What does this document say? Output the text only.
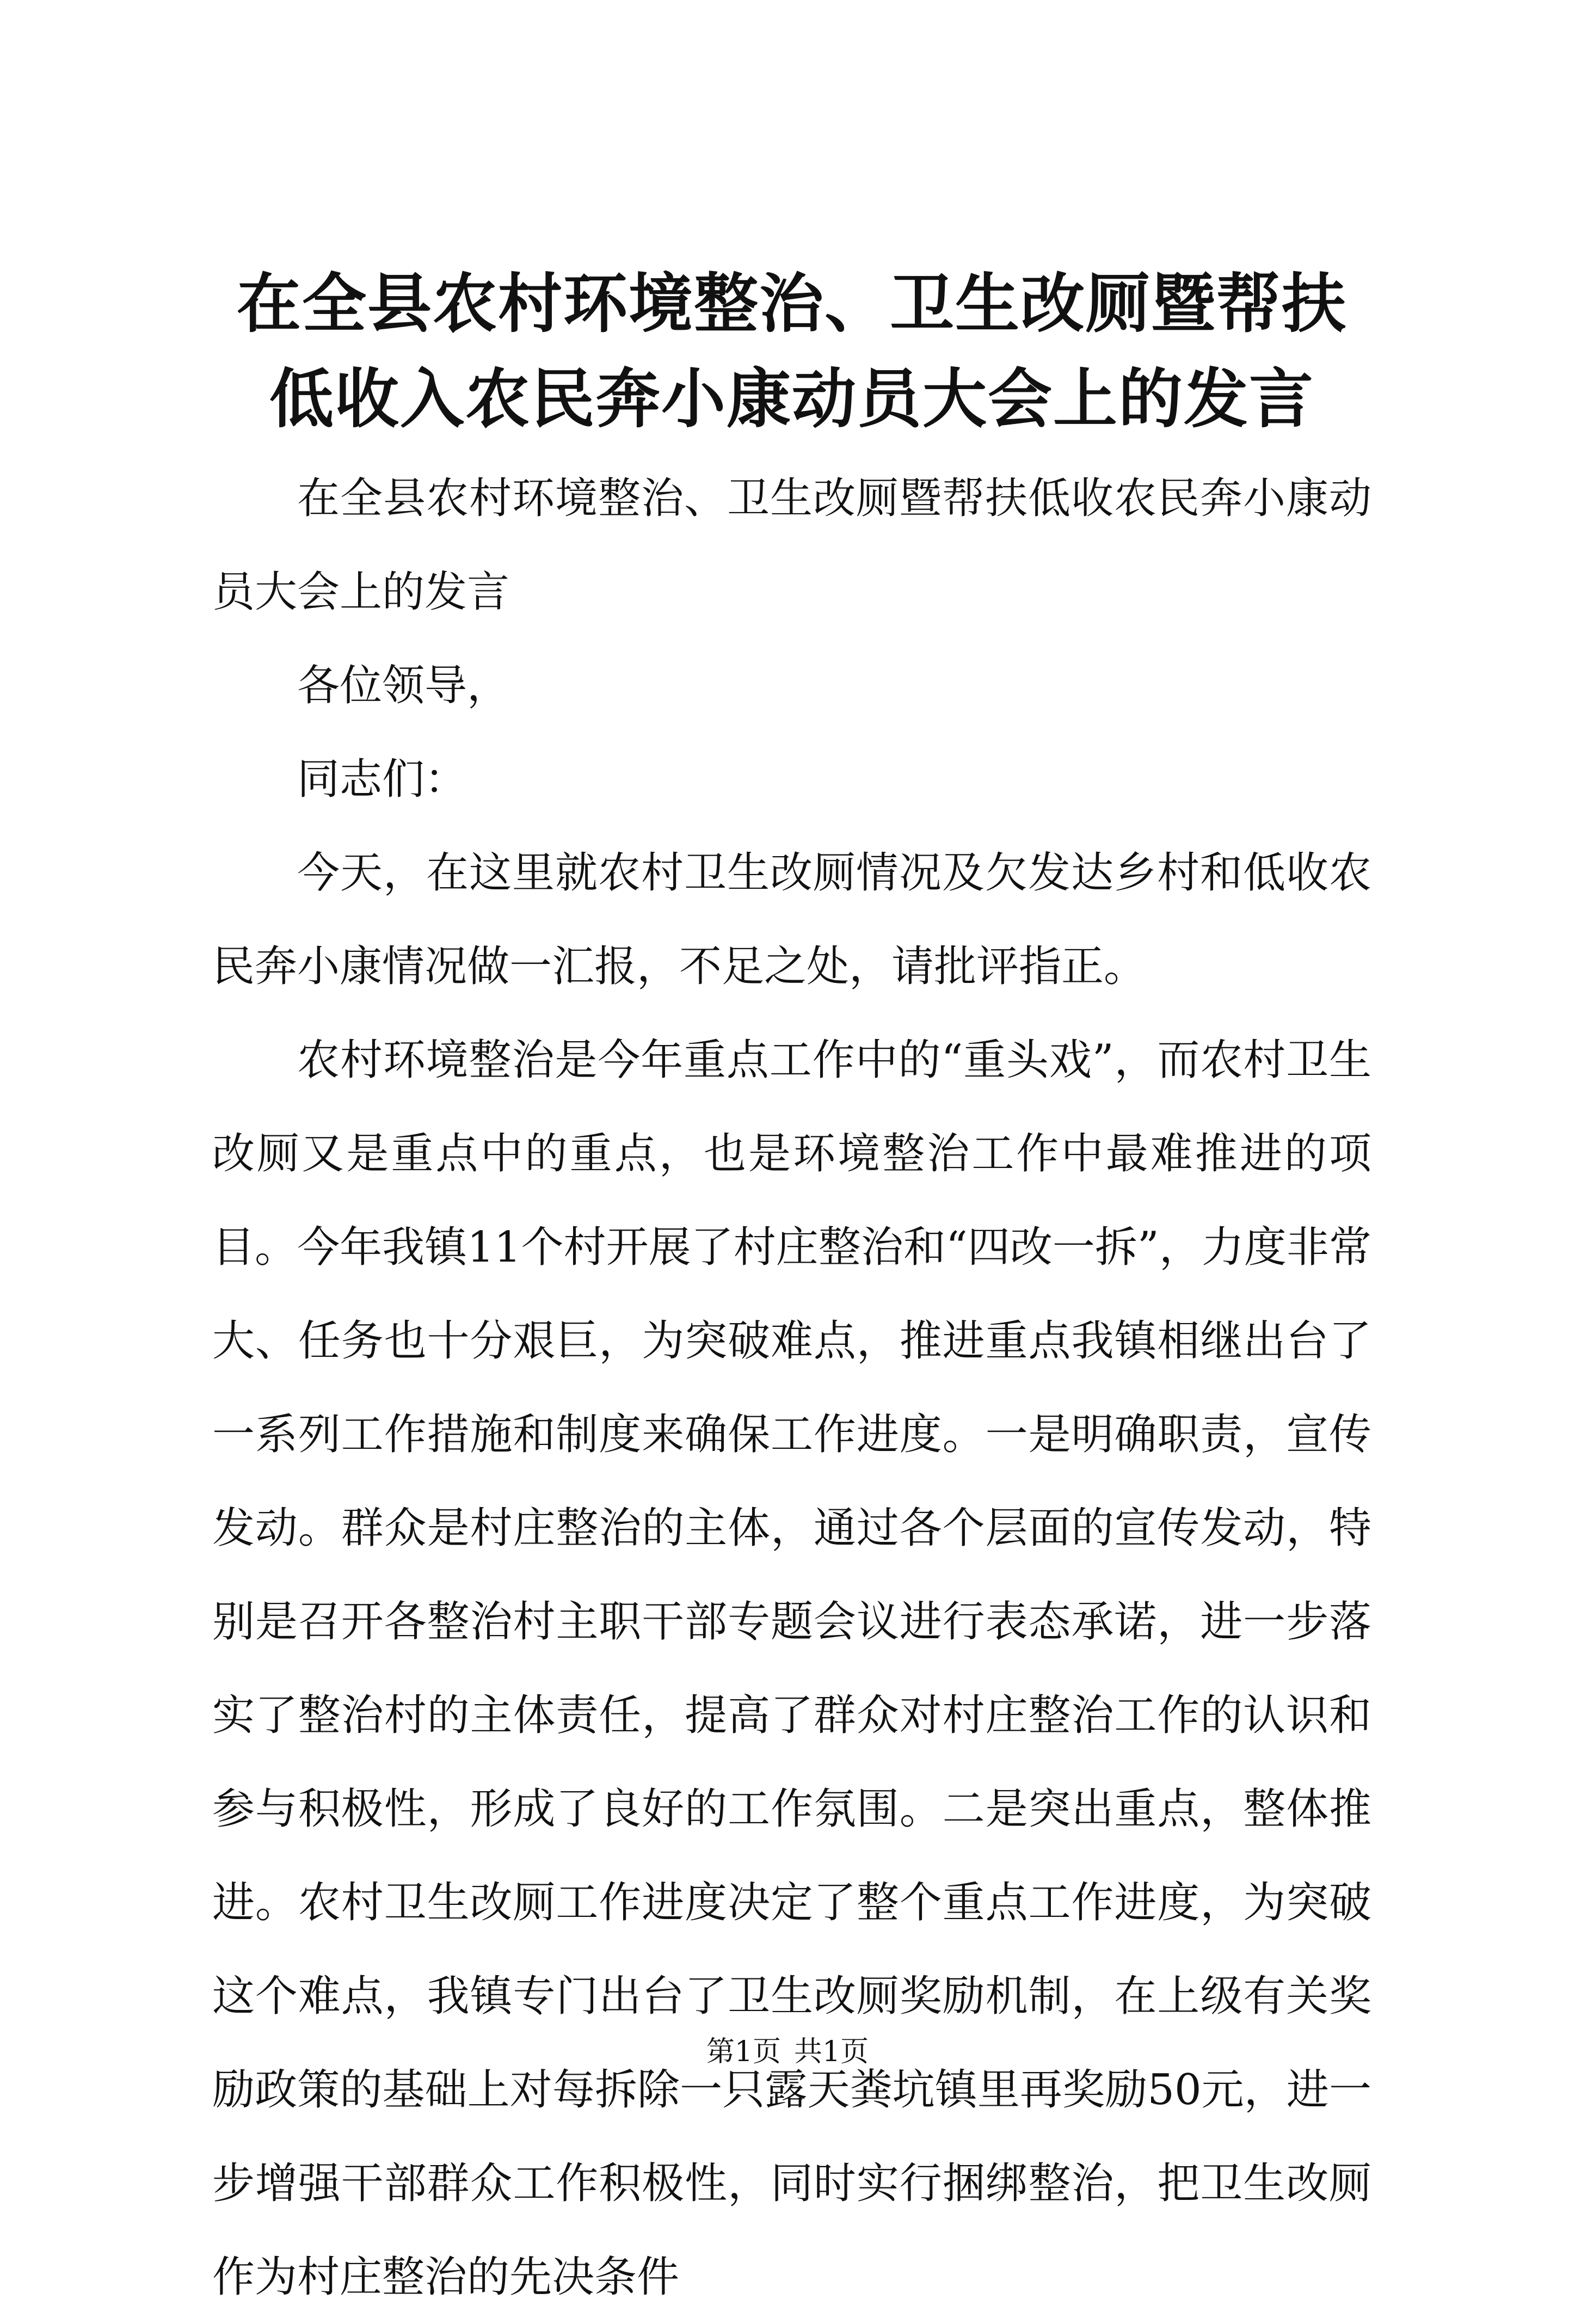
在全县农村环境整治、卫生改厕暨帮扶低收入农民奔小康动员大会上的发言

在全县农村环境整治、卫生改厕暨帮扶低收农民奔小康动员大会上的发言

各位领导，

同志们：

今天，在这里就农村卫生改厕情况及欠发达乡村和低收农民奔小康情况做一汇报，不足之处，请批评指正。

农村环境整治是今年重点工作中的“重头戏”，而农村卫生改厕又是重点中的重点，也是环境整治工作中最难推进的项目。今年我镇11个村开展了村庄整治和“四改一拆”，力度非常大、任务也十分艰巨，为突破难点，推进重点我镇相继出台了一系列工作措施和制度来确保工作进度。一是明确职责，宣传发动。群众是村庄整治的主体，通过各个层面的宣传发动，特别是召开各整治村主职干部专题会议进行表态承诺，进一步落实了整治村的主体责任，提高了群众对村庄整治工作的认识和参与积极性，形成了良好的工作氛围。二是突出重点，整体推进。农村卫生改厕工作进度决定了整个重点工作进度，为突破这个难点，我镇专门出台了卫生改厕奖励机制，在上级有关奖励政策的基础上对每拆除一只露天粪坑镇里再奖励50元，进一步增强干部群众工作积极性，同时实行捆绑整治，把卫生改厕作为村庄整治的先决条件

第1页 共1页
